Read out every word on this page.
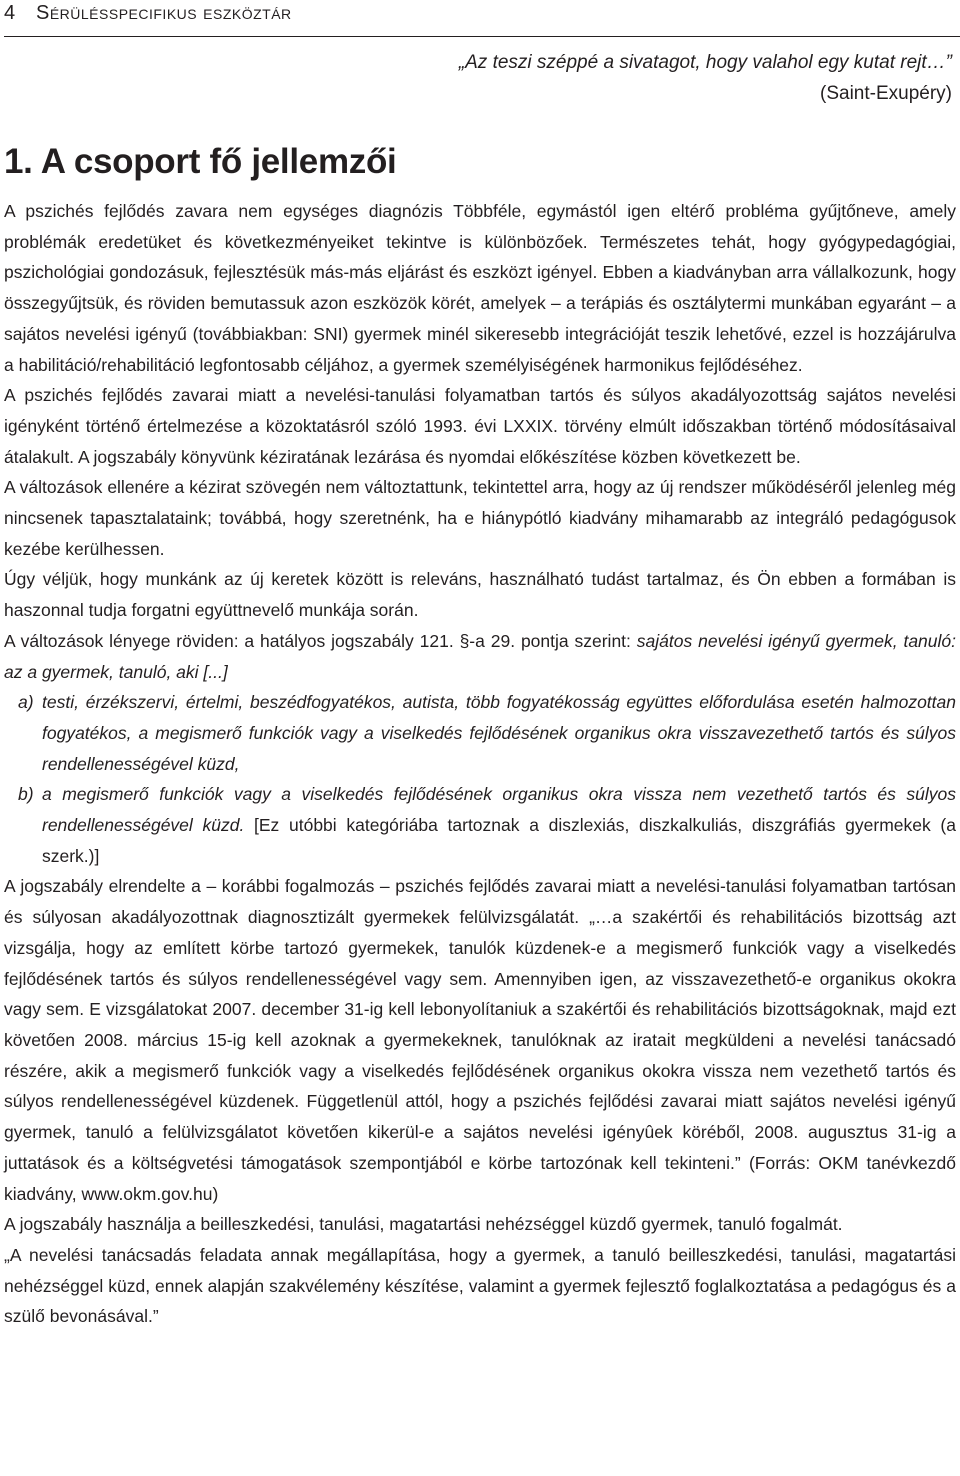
4	Sérülésspecifikus eszköztár
„Az teszi széppé a sivatagot, hogy valahol egy kutat rejt…”
(Saint-Exupéry)
1. A csoport fő jellemzői

A pszichés fejlődés zavara nem egységes diagnózis Többféle, egymástól igen eltérő probléma gyűjtőneve, amely problémák eredetüket és következményeiket tekintve is különbözőek. Természetes tehát, hogy gyógypedagógiai, pszichológiai gondozásuk, fejlesztésük más-más eljárást és eszközt igényel. Ebben a kiadványban arra vállalkozunk, hogy összegyűjtsük, és röviden bemutassuk azon eszközök körét, amelyek – a terápiás és osztálytermi munkában egyaránt – a sajátos nevelési igényű (továbbiakban: SNI) gyermek minél sikeresebb integrációját teszik lehetővé, ezzel is hozzájárulva a habilitáció/rehabilitáció legfontosabb céljához, a gyermek személyiségének harmonikus fejlődéséhez.

A pszichés fejlődés zavarai miatt a nevelési-tanulási folyamatban tartós és súlyos akadályozottság sajátos nevelési igényként történő értelmezése a közoktatásról szóló 1993. évi LXXIX. törvény elmúlt időszakban történő módosításaival átalakult. A jogszabály könyvünk kéziratának lezárása és nyomdai előkészítése közben következett be.

A változások ellenére a kézirat szövegén nem változtattunk, tekintettel arra, hogy az új rendszer működéséről jelenleg még nincsenek tapasztalataink; továbbá, hogy szeretnénk, ha e hiánypótló kiadvány mihamarabb az integráló pedagógusok kezébe kerülhessen.

Úgy véljük, hogy munkánk az új keretek között is releváns, használható tudást tartalmaz, és Ön ebben a formában is haszonnal tudja forgatni együttnevelő munkája során.

A változások lényege röviden: a hatályos jogszabály 121. §-a 29. pontja szerint: sajátos nevelési igényű gyermek, tanuló: az a gyermek, tanuló, aki [...]

a) testi, érzékszervi, értelmi, beszédfogyatékos, autista, több fogyatékosság együttes előfordulása esetén halmozottan fogyatékos, a megismerő funkciók vagy a viselkedés fejlődésének organikus okra visszavezethető tartós és súlyos rendellenességével küzd,
b) a megismerő funkciók vagy a viselkedés fejlődésének organikus okra vissza nem vezethető tartós és súlyos rendellenességével küzd. [Ez utóbbi kategóriába tartoznak a diszlexiás, diszkalkuliás, diszgráfiás gyermekek (a szerk.)]

A jogszabály elrendelte a – korábbi fogalmozás – pszichés fejlődés zavarai miatt a nevelési-tanulási folyamatban tartósan és súlyosan akadályozottnak diagnosztizált gyermekek felülvizsgálatát. „…a szakértői és rehabilitációs bizottság azt vizsgálja, hogy az említett körbe tartozó gyermekek, tanulók küzdenek-e a megismerő funkciók vagy a viselkedés fejlődésének tartós és súlyos rendellenességével vagy sem. Amennyiben igen, az visszavezethető-e organikus okokra vagy sem. E vizsgálatokat 2007. december 31-ig kell lebonyolítaniuk a szakértői és rehabilitációs bizottságoknak, majd ezt követően 2008. március 15-ig kell azoknak a gyermekeknek, tanulóknak az iratait megküldeni a nevelési tanácsadó részére, akik a megismerő funkciók vagy a viselkedés fejlődésének organikus okokra vissza nem vezethető tartós és súlyos rendellenességével küzdenek. Függetlenül attól, hogy a pszichés fejlődési zavarai miatt sajátos nevelési igényű gyermek, tanuló a felülvizsgálatot követően kikerül-e a sajátos nevelési igényûek köréből, 2008. augusztus 31-ig a juttatások és a költségvetési támogatások szempontjából e körbe tartozónak kell tekinteni.” (Forrás: OKM tanévkezdő kiadvány, www.okm.gov.hu)

A jogszabály használja a beilleszkedési, tanulási, magatartási nehézséggel küzdő gyermek, tanuló fogalmát.

„A nevelési tanácsadás feladata annak megállapítása, hogy a gyermek, a tanuló beilleszkedési, tanulási, magatartási nehézséggel küzd, ennek alapján szakvélemény készítése, valamint a gyermek fejlesztő foglalkoztatása a pedagógus és a szülő bevonásával.”
